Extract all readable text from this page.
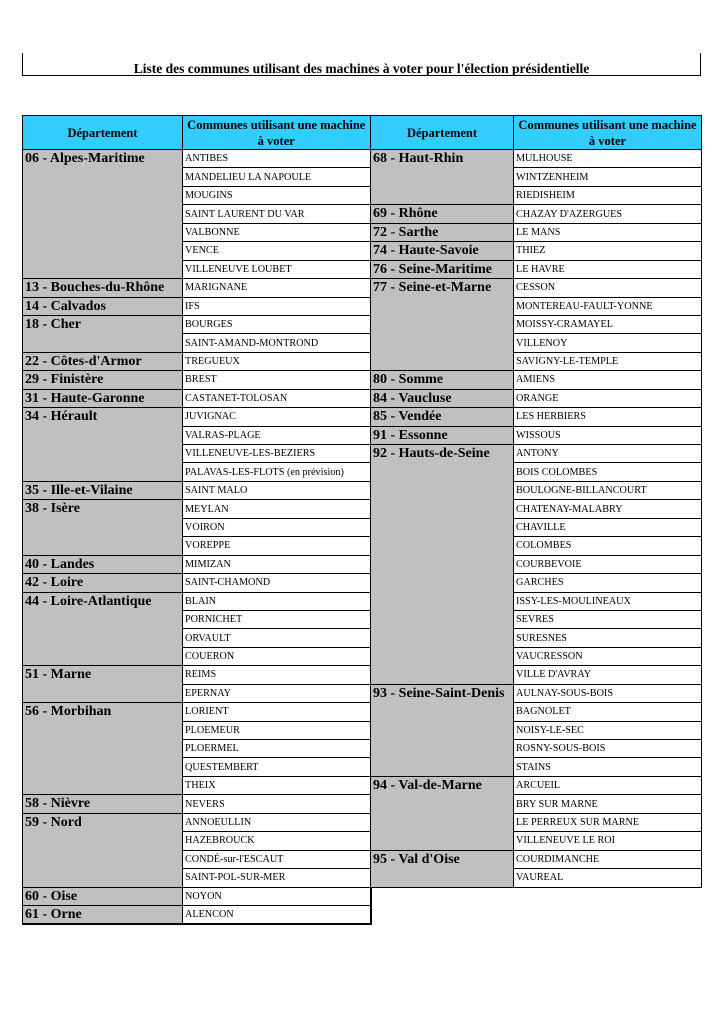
Liste des communes utilisant des machines à voter pour l'élection présidentielle
Département	Communes utilisant une machine à voter
06 - Alpes-Maritime	ANTIBES
	MANDELIEU LA NAPOULE
	MOUGINS
	SAINT LAURENT DU VAR
	VALBONNE
	VENCE
	VILLENEUVE LOUBET
13 - Bouches-du-Rhône	MARIGNANE
14 - Calvados	IFS
18 - Cher	BOURGES
	SAINT-AMAND-MONTROND
22 - Côtes-d'Armor	TREGUEUX
29 - Finistère	BREST
31 - Haute-Garonne	CASTANET-TOLOSAN
34 - Hérault	JUVIGNAC
	VALRAS-PLAGE
	VILLENEUVE-LES-BEZIERS
	PALAVAS-LES-FLOTS (en prévision)
35 - Ille-et-Vilaine	SAINT MALO
38 - Isère	MEYLAN
	VOIRON
	VOREPPE
40 - Landes	MIMIZAN
42 - Loire	SAINT-CHAMOND
44 - Loire-Atlantique	BLAIN
	PORNICHET
	ORVAULT
	COUERON
51 - Marne	REIMS
	EPERNAY
56 - Morbihan	LORIENT
	PLOEMEUR
	PLOERMEL
	QUESTEMBERT
	THEIX
58 - Nièvre	NEVERS
59 - Nord	ANNOEULLIN
	HAZEBROUCK
	CONDÉ-sur-l'ESCAUT
	SAINT-POL-SUR-MER
60 - Oise	NOYON
61 - Orne	ALENCON
Département	Communes utilisant une machine à voter
68 - Haut-Rhin	MULHOUSE
	WINTZENHEIM
	RIEDISHEIM
69 - Rhône	CHAZAY D'AZERGUES
72 - Sarthe	LE MANS
74 - Haute-Savoie	THIEZ
76 - Seine-Maritime	LE HAVRE
77 - Seine-et-Marne	CESSON
	MONTEREAU-FAULT-YONNE
	MOISSY-CRAMAYEL
	VILLENOY
	SAVIGNY-LE-TEMPLE
80 - Somme	AMIENS
84 - Vaucluse	ORANGE
85 - Vendée	LES HERBIERS
91 - Essonne	WISSOUS
92 - Hauts-de-Seine	ANTONY
	BOIS COLOMBES
	BOULOGNE-BILLANCOURT
	CHATENAY-MALABRY
	CHAVILLE
	COLOMBES
	COURBEVOIE
	GARCHES
	ISSY-LES-MOULINEAUX
	SEVRES
	SURESNES
	VAUCRESSON
	VILLE D'AVRAY
93 - Seine-Saint-Denis	AULNAY-SOUS-BOIS
	BAGNOLET
	NOISY-LE-SEC
	ROSNY-SOUS-BOIS
	STAINS
94 - Val-de-Marne	ARCUEIL
	BRY SUR MARNE
	LE PERREUX SUR MARNE
	VILLENEUVE LE ROI
95 - Val d'Oise	COURDIMANCHE
	VAUREAL
